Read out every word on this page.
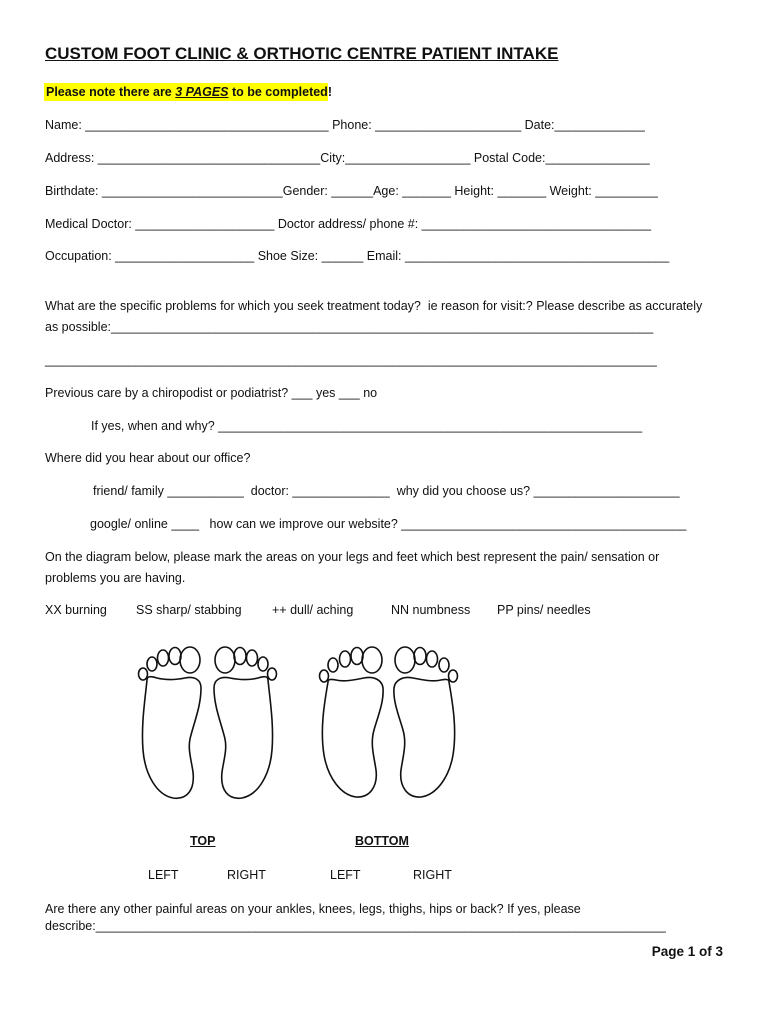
CUSTOM FOOT CLINIC & ORTHOTIC CENTRE PATIENT INTAKE
Please note there are 3 PAGES to be completed!
Name: ___________________________________ Phone: _____________________ Date:_____________
Address: ________________________________City:__________________ Postal Code:_______________
Birthdate: __________________________Gender: ______Age: _______ Height: _______ Weight: _________
Medical Doctor: ____________________ Doctor address/ phone #: _________________________________
Occupation: ____________________ Shoe Size: ______ Email: ______________________________________
What are the specific problems for which you seek treatment today?  ie reason for visit:? Please describe as accurately
as possible:______________________________________________________________________________
________________________________________________________________________________________
Previous care by a chiropodist or podiatrist? ___ yes ___ no
If yes, when and why? _____________________________________________________________
Where did you hear about our office?
friend/ family ___________  doctor: ______________  why did you choose us? _____________________
google/ online ____   how can we improve our website? _________________________________________
On the diagram below, please mark the areas on your legs and feet which best represent the pain/ sensation or
problems you are having.
XX burning SS sharp/ stabbing ++ dull/ aching	NN numbness PP pins/ needles
TOP	BOTTOM
LEFT	RIGHT	LEFT	RIGHT
Are there any other painful areas on your ankles, knees, legs, thighs, hips or back? If yes, please
describe:__________________________________________________________________________________
Page 1 of 3
